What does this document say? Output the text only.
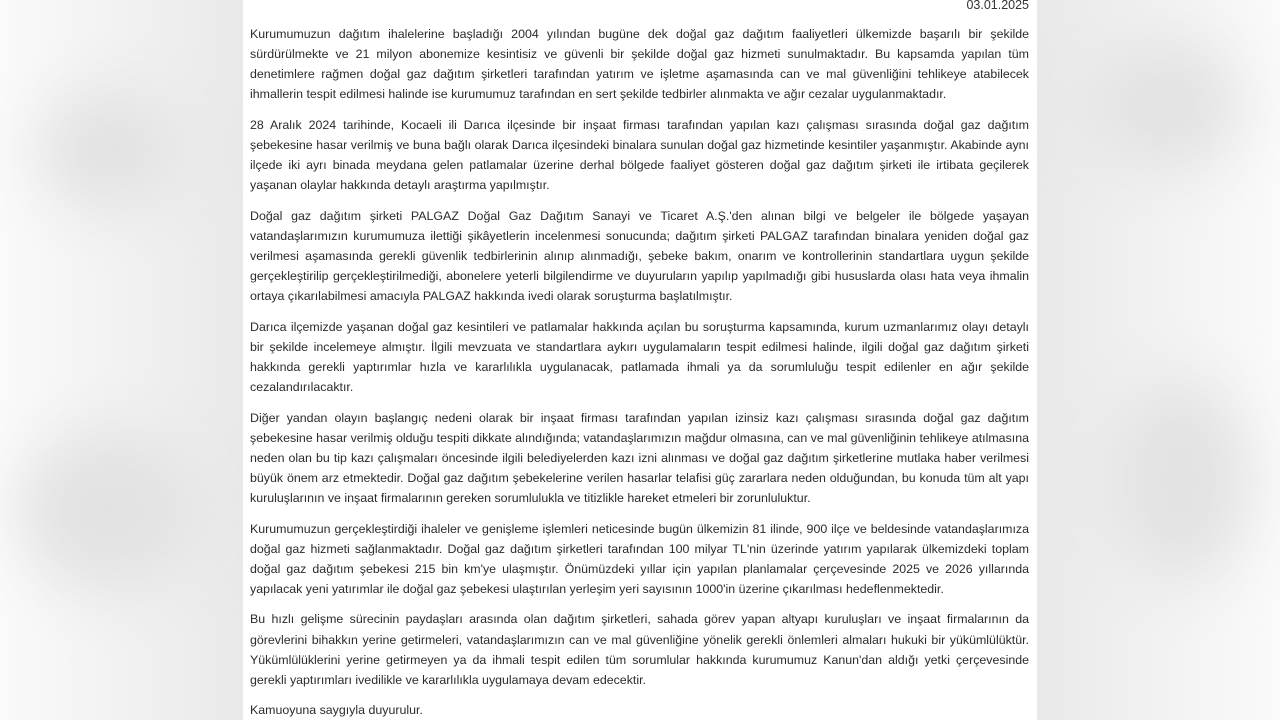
03.01.2025

Kurumumuzun dağıtım ihalelerine başladığı 2004 yılından bugüne dek doğal gaz dağıtım faaliyetleri ülkemizde başarılı bir şekilde sürdürülmekte ve 21 milyon abonemize kesintisiz ve güvenli bir şekilde doğal gaz hizmeti sunulmaktadır. Bu kapsamda yapılan tüm denetimlere rağmen doğal gaz dağıtım şirketleri tarafından yatırım ve işletme aşamasında can ve mal güvenliğini tehlikeye atabilecek ihmallerin tespit edilmesi halinde ise kurumumuz tarafından en sert şekilde tedbirler alınmakta ve ağır cezalar uygulanmaktadır.

28 Aralık 2024 tarihinde, Kocaeli ili Darıca ilçesinde bir inşaat firması tarafından yapılan kazı çalışması sırasında doğal gaz dağıtım şebekesine hasar verilmiş ve buna bağlı olarak Darıca ilçesindeki binalara sunulan doğal gaz hizmetinde kesintiler yaşanmıştır. Akabinde aynı ilçede iki ayrı binada meydana gelen patlamalar üzerine derhal bölgede faaliyet gösteren doğal gaz dağıtım şirketi ile irtibata geçilerek yaşanan olaylar hakkında detaylı araştırma yapılmıştır.

Doğal gaz dağıtım şirketi PALGAZ Doğal Gaz Dağıtım Sanayi ve Ticaret A.Ş.'den alınan bilgi ve belgeler ile bölgede yaşayan vatandaşlarımızın kurumumuza ilettiği şikâyetlerin incelenmesi sonucunda; dağıtım şirketi PALGAZ tarafından binalara yeniden doğal gaz verilmesi aşamasında gerekli güvenlik tedbirlerinin alınıp alınmadığı, şebeke bakım, onarım ve kontrollerinin standartlara uygun şekilde gerçekleştirilip gerçekleştirilmediği, abonelere yeterli bilgilendirme ve duyuruların yapılıp yapılmadığı gibi hususlarda olası hata veya ihmalin ortaya çıkarılabilmesi amacıyla PALGAZ hakkında ivedi olarak soruşturma başlatılmıştır.

Darıca ilçemizde yaşanan doğal gaz kesintileri ve patlamalar hakkında açılan bu soruşturma kapsamında, kurum uzmanlarımız olayı detaylı bir şekilde incelemeye almıştır. İlgili mevzuata ve standartlara aykırı uygulamaların tespit edilmesi halinde, ilgili doğal gaz dağıtım şirketi hakkında gerekli yaptırımlar hızla ve kararlılıkla uygulanacak, patlamada ihmali ya da sorumluluğu tespit edilenler en ağır şekilde cezalandırılacaktır.

Diğer yandan olayın başlangıç nedeni olarak bir inşaat firması tarafından yapılan izinsiz kazı çalışması sırasında doğal gaz dağıtım şebekesine hasar verilmiş olduğu tespiti dikkate alındığında; vatandaşlarımızın mağdur olmasına, can ve mal güvenliğinin tehlikeye atılmasına neden olan bu tip kazı çalışmaları öncesinde ilgili belediyelerden kazı izni alınması ve doğal gaz dağıtım şirketlerine mutlaka haber verilmesi büyük önem arz etmektedir. Doğal gaz dağıtım şebekelerine verilen hasarlar telafisi güç zararlara neden olduğundan, bu konuda tüm alt yapı kuruluşlarının ve inşaat firmalarının gereken sorumlulukla ve titizlikle hareket etmeleri bir zorunluluktur.

Kurumumuzun gerçekleştirdiği ihaleler ve genişleme işlemleri neticesinde bugün ülkemizin 81 ilinde, 900 ilçe ve beldesinde vatandaşlarımıza doğal gaz hizmeti sağlanmaktadır. Doğal gaz dağıtım şirketleri tarafından 100 milyar TL'nin üzerinde yatırım yapılarak ülkemizdeki toplam doğal gaz dağıtım şebekesi 215 bin km'ye ulaşmıştır. Önümüzdeki yıllar için yapılan planlamalar çerçevesinde 2025 ve 2026 yıllarında yapılacak yeni yatırımlar ile doğal gaz şebekesi ulaştırılan yerleşim yeri sayısının 1000'in üzerine çıkarılması hedeflenmektedir.

Bu hızlı gelişme sürecinin paydaşları arasında olan dağıtım şirketleri, sahada görev yapan altyapı kuruluşları ve inşaat firmalarının da görevlerini bihakkın yerine getirmeleri, vatandaşlarımızın can ve mal güvenliğine yönelik gerekli önlemleri almaları hukuki bir yükümlülüktür. Yükümlülüklerini yerine getirmeyen ya da ihmali tespit edilen tüm sorumlular hakkında kurumumuz Kanun'dan aldığı yetki çerçevesinde gerekli yaptırımları ivedilikle ve kararlılıkla uygulamaya devam edecektir.

Kamuoyuna saygıyla duyurulur.
